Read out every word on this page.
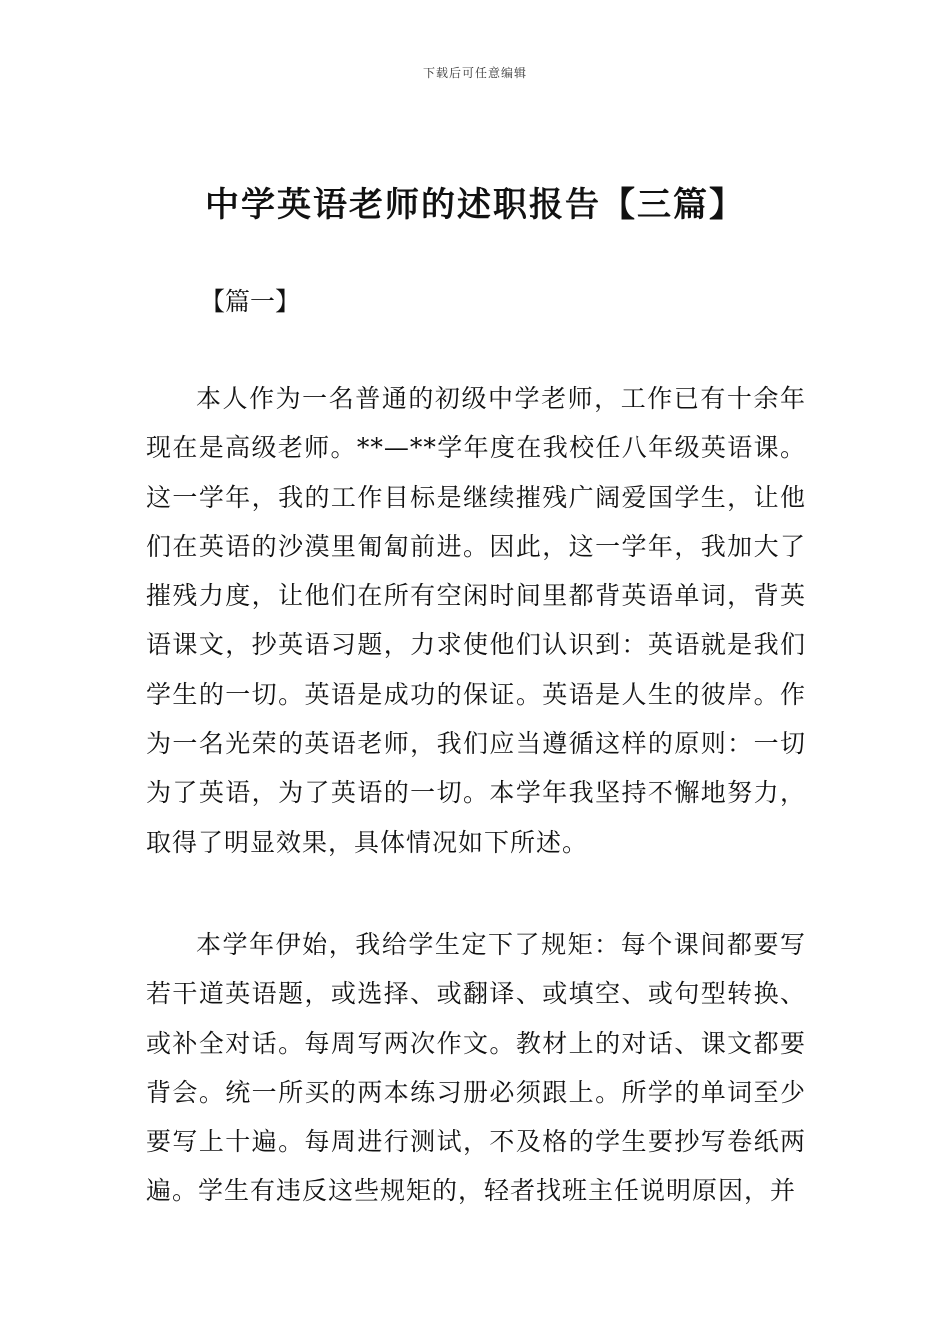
下载后可任意编辑
中学英语老师的述职报告【三篇】
【篇一】

本人作为一名普通的初级中学老师，工作已有十余年现在是高级老师。**—**学年度在我校任八年级英语课。这一学年，我的工作目标是继续摧残广阔爱国学生，让他们在英语的沙漠里匍匐前进。因此，这一学年，我加大了摧残力度，让他们在所有空闲时间里都背英语单词，背英语课文，抄英语习题，力求使他们认识到：英语就是我们学生的一切。英语是成功的保证。英语是人生的彼岸。作为一名光荣的英语老师，我们应当遵循这样的原则：一切为了英语，为了英语的一切。本学年我坚持不懈地努力，取得了明显效果，具体情况如下所述。

本学年伊始，我给学生定下了规矩：每个课间都要写若干道英语题，或选择、或翻译、或填空、或句型转换、或补全对话。每周写两次作文。教材上的对话、课文都要背会。统一所买的两本练习册必须跟上。所学的单词至少要写上十遍。每周进行测试，不及格的学生要抄写卷纸两遍。学生有违反这些规矩的，轻者找班主任说明原因，并
